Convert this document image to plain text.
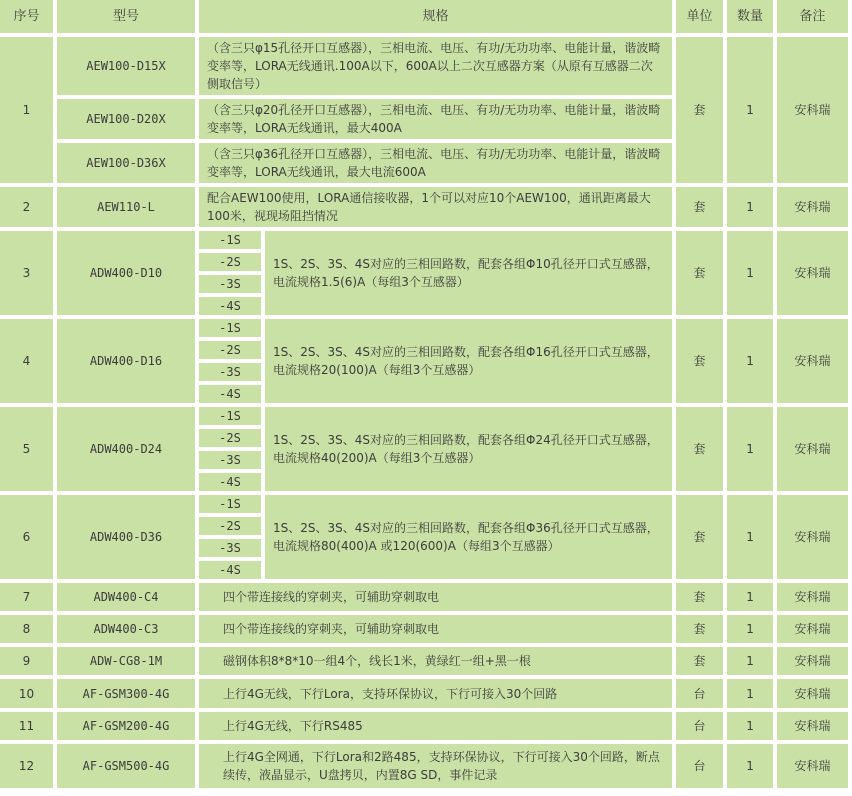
序号	型号	规格		单位	数量	备注
1	AEW100-D15X	（含三只φ15孔径开口互感器），三相电流、电压、有功/无功功率、电能计量，谐波畸变率等，LORA无线通讯.100A以下，600A以上二次互感器方案（从原有互感器二次侧取信号）		套	1	安科瑞
	AEW100-D20X	（含三只φ20孔径开口互感器），三相电流、电压、有功/无功功率、电能计量，谐波畸变率等，LORA无线通讯，最大400A				
	AEW100-D36X	（含三只φ36孔径开口互感器），三相电流、电压、有功/无功功率、电能计量，谐波畸变率等，LORA无线通讯，最大电流600A				
2	AEW110-L	配合AEW100使用，LORA通信接收器，1个可以对应10个AEW100，通讯距离最大100米，视现场阻挡情况		套	1	安科瑞
3	ADW400-D10	-1S	1S、2S、3S、4S对应的三相回路数，配套各组Φ10孔径开口式互感器，电流规格1.5(6)A（每组3个互感器）	套	1	安科瑞
		-2S				
		-3S				
		-4S				
4	ADW400-D16	-1S	1S、2S、3S、4S对应的三相回路数，配套各组Φ16孔径开口式互感器，电流规格20(100)A（每组3个互感器）	套	1	安科瑞
		-2S				
		-3S				
		-4S				
5	ADW400-D24	-1S	1S、2S、3S、4S对应的三相回路数，配套各组Φ24孔径开口式互感器，电流规格40(200)A（每组3个互感器）	套	1	安科瑞
		-2S				
		-3S				
		-4S				
6	ADW400-D36	-1S	1S、2S、3S、4S对应的三相回路数，配套各组Φ36孔径开口式互感器，电流规格80(400)A 或120(600)A（每组3个互感器）	套	1	安科瑞
		-2S				
		-3S				
		-4S				
7	ADW400-C4	四个带连接线的穿刺夹，可辅助穿刺取电		套	1	安科瑞
8	ADW400-C3	四个带连接线的穿刺夹，可辅助穿刺取电		套	1	安科瑞
9	ADW-CG8-1M	磁钢体积8*8*10一组4个，线长1米，黄绿红一组+黑一根		套	1	安科瑞
10	AF-GSM300-4G	上行4G无线，下行Lora，支持环保协议，下行可接入30个回路		台	1	安科瑞
11	AF-GSM200-4G	上行4G无线，下行RS485		台	1	安科瑞
12	AF-GSM500-4G	上行4G全网通，下行Lora和2路485，支持环保协议，下行可接入30个回路，断点续传，液晶显示，U盘拷贝，内置8G SD，事件记录		台	1	安科瑞
